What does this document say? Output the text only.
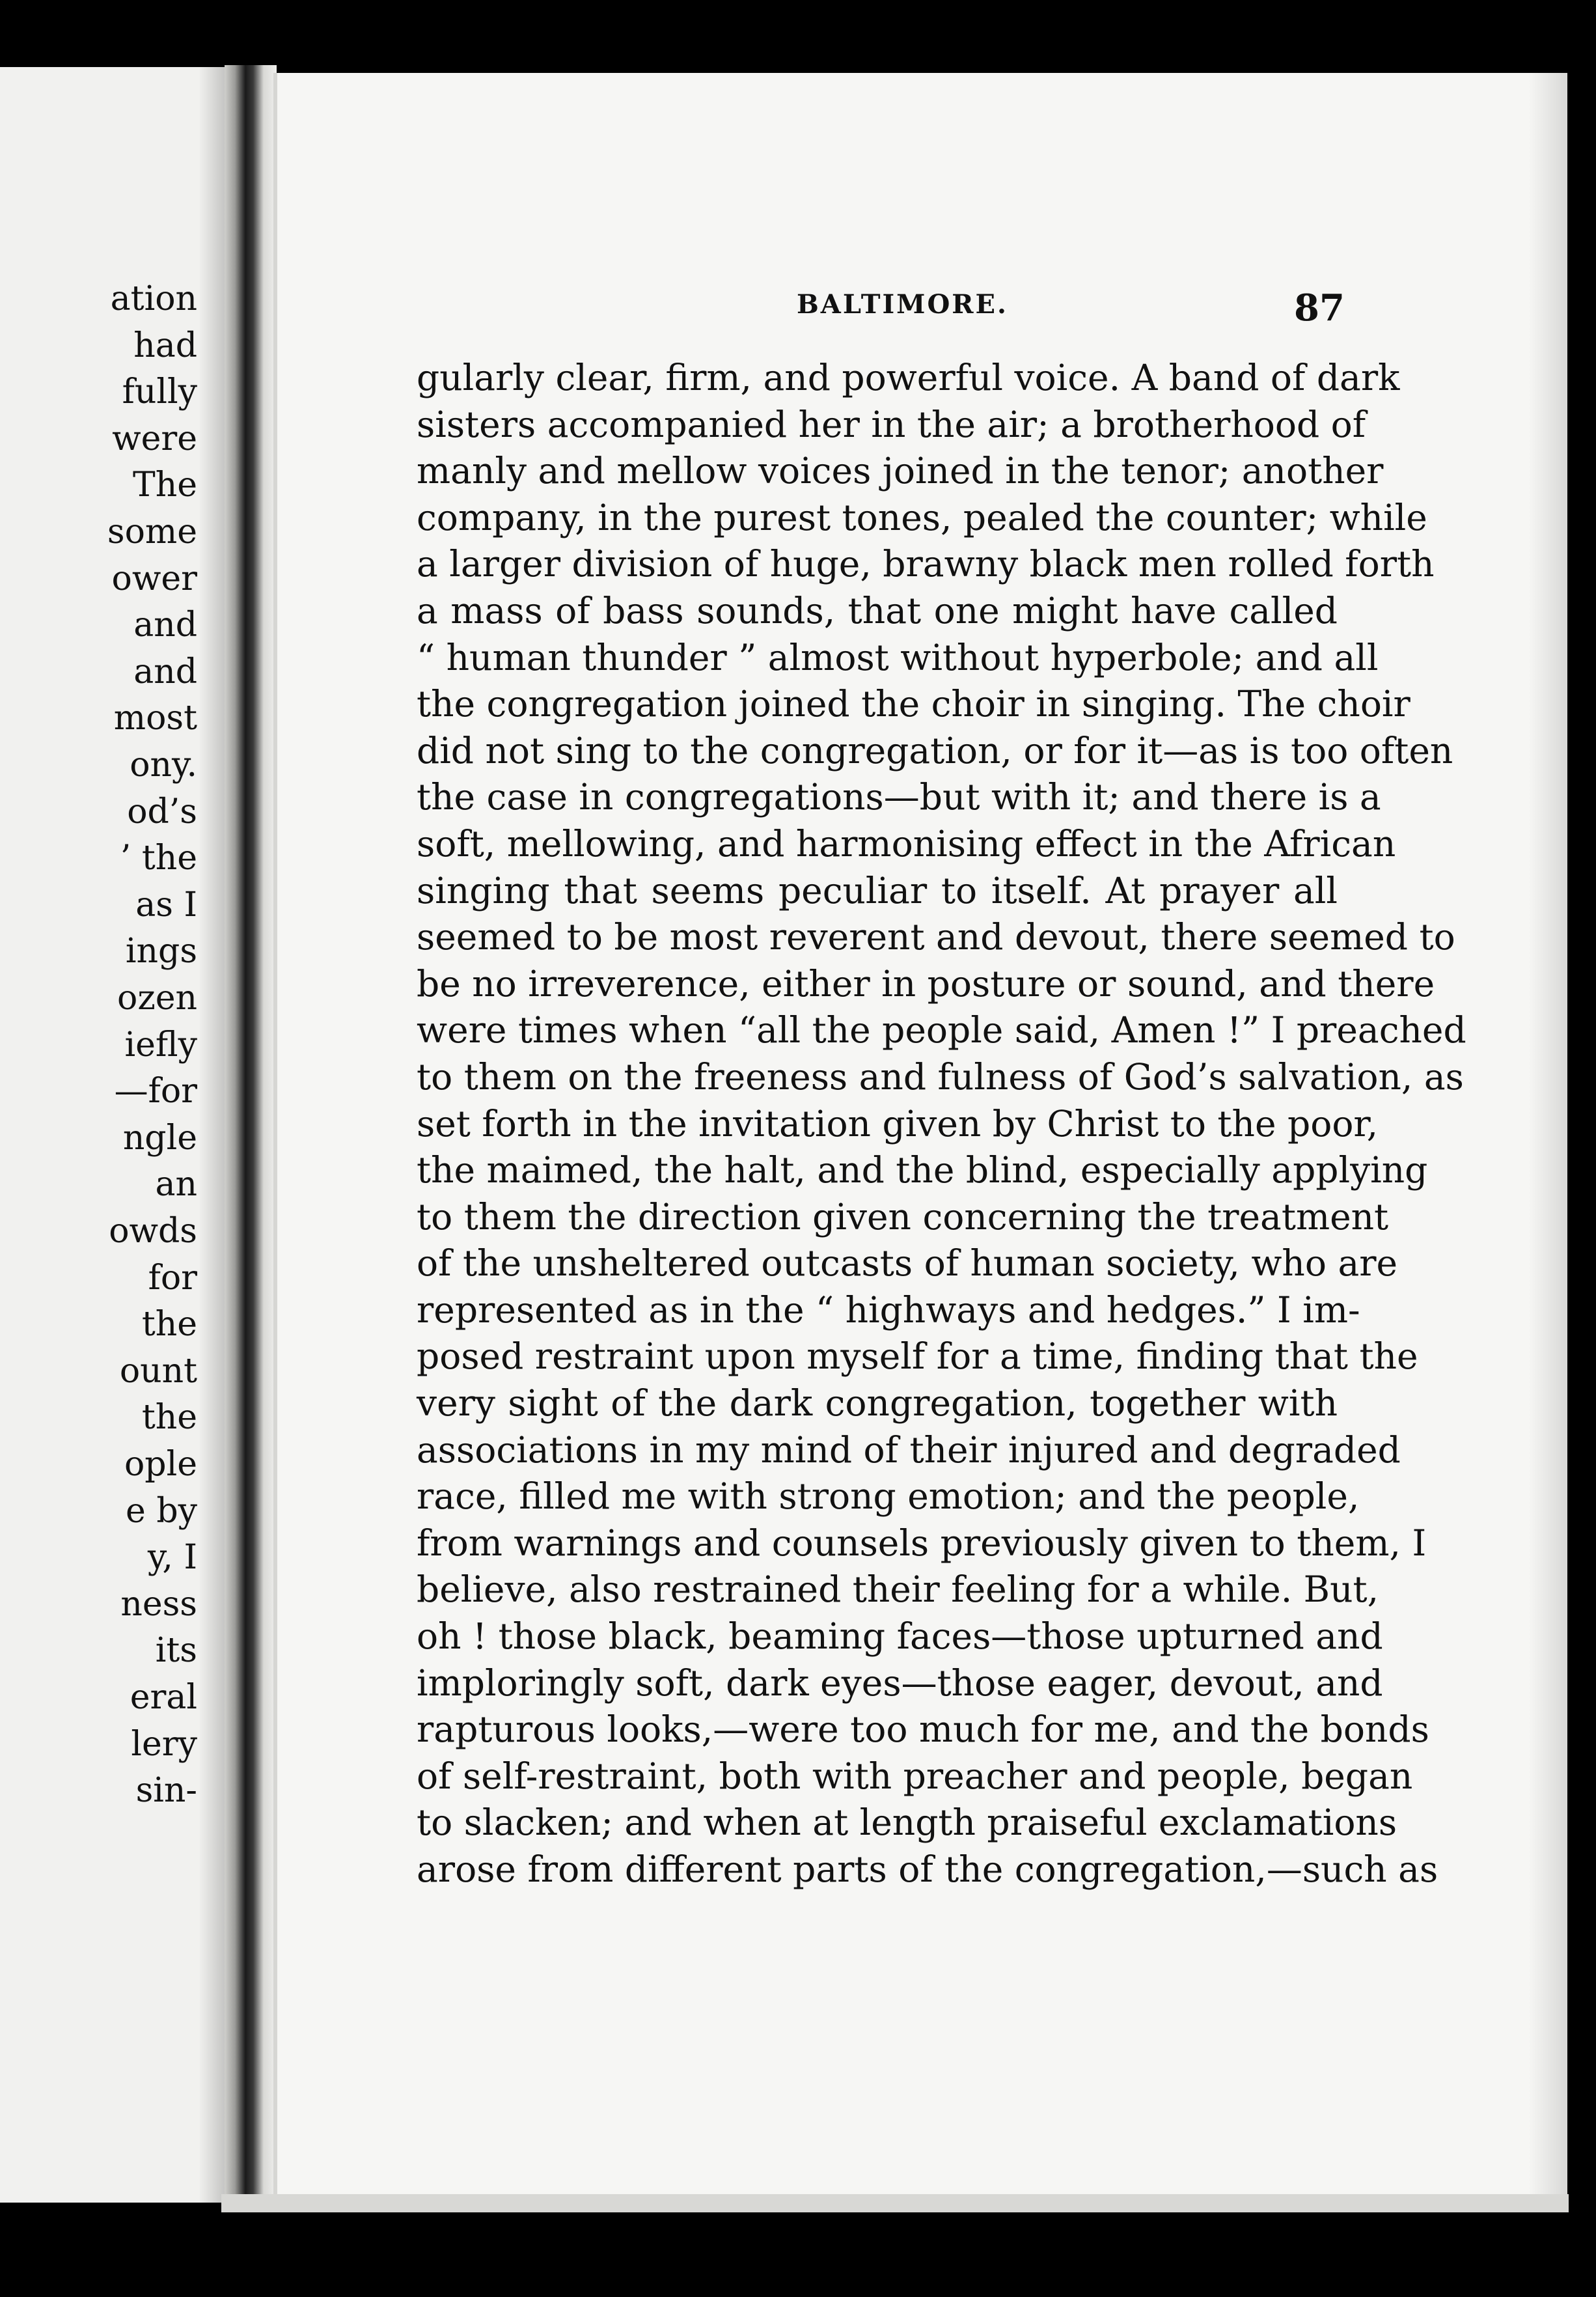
ation
had
fully
were
The
some
ower
and
and
most
ony.
od’s
’ the
as I
ings
ozen
iefly
—for
ngle
an
owds
for
the
ount
the
ople
e by
y, I
ness
its
eral
lery
sin-
BALTIMORE.	87
gularly clear, firm, and powerful voice. A band of dark
sisters accompanied her in the air; a brotherhood of
manly and mellow voices joined in the tenor; another
company, in the purest tones, pealed the counter; while
a larger division of huge, brawny black men rolled forth
a mass of bass sounds, that one might have called
“ human thunder ” almost without hyperbole; and all
the congregation joined the choir in singing. The choir
did not sing to the congregation, or for it—as is too often
the case in congregations—but with it; and there is a
soft, mellowing, and harmonising effect in the African
singing that seems peculiar to itself. At prayer all
seemed to be most reverent and devout, there seemed to
be no irreverence, either in posture or sound, and there
were times when “all the people said, Amen !” I preached
to them on the freeness and fulness of God’s salvation, as
set forth in the invitation given by Christ to the poor,
the maimed, the halt, and the blind, especially applying
to them the direction given concerning the treatment
of the unsheltered outcasts of human society, who are
represented as in the “ highways and hedges.” I im-
posed restraint upon myself for a time, finding that the
very sight of the dark congregation, together with
associations in my mind of their injured and degraded
race, filled me with strong emotion; and the people,
from warnings and counsels previously given to them, I
believe, also restrained their feeling for a while. But,
oh ! those black, beaming faces—those upturned and
imploringly soft, dark eyes—those eager, devout, and
rapturous looks,—were too much for me, and the bonds
of self-restraint, both with preacher and people, began
to slacken; and when at length praiseful exclamations
arose from different parts of the congregation,—such as
